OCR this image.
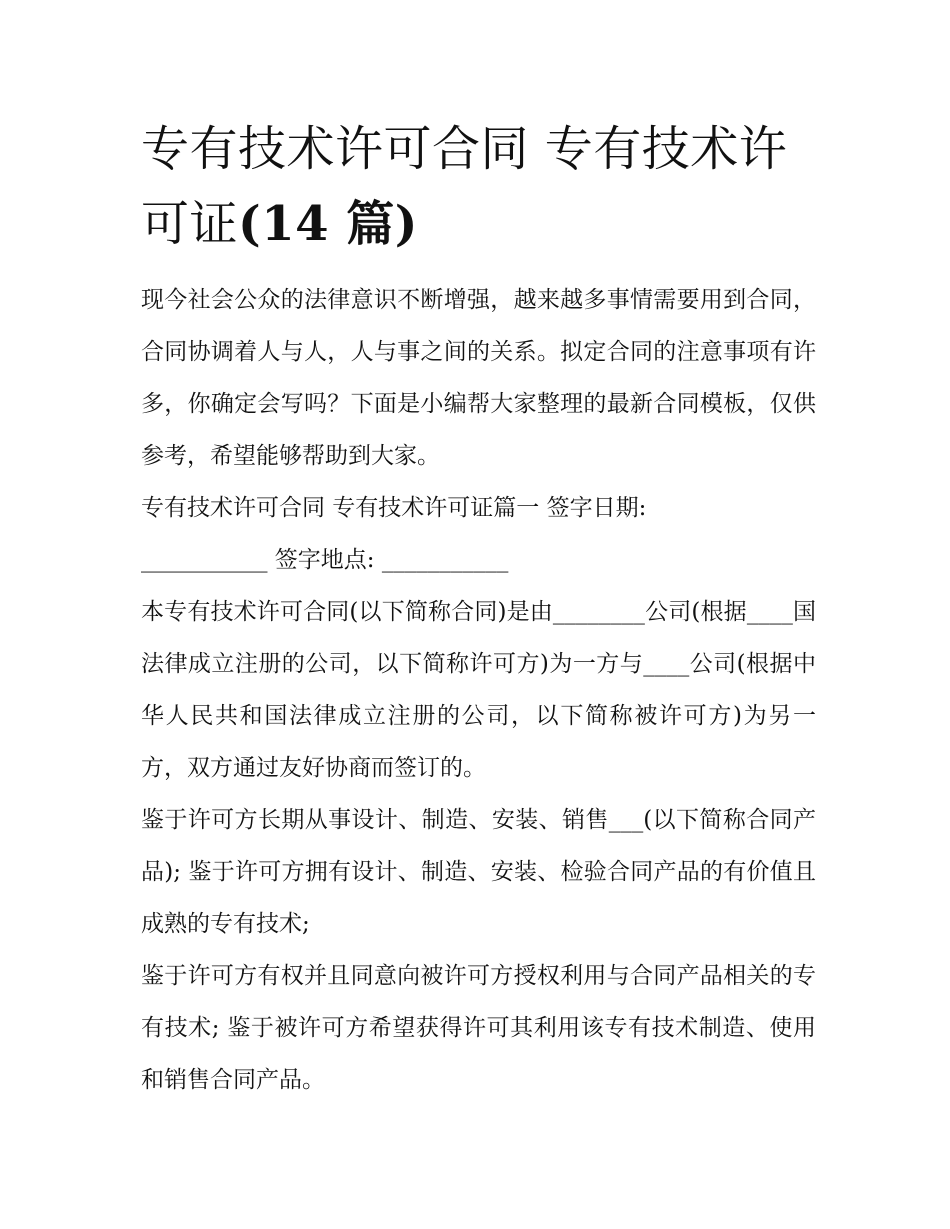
专有技术许可合同 专有技术许可证(14 篇)

现今社会公众的法律意识不断增强，越来越多事情需要用到合同，合同协调着人与人，人与事之间的关系。拟定合同的注意事项有许多，你确定会写吗？下面是小编帮大家整理的最新合同模板，仅供参考，希望能够帮助到大家。

专有技术许可合同 专有技术许可证篇一 签字日期:

___________ 签字地点: ___________

本专有技术许可合同(以下简称合同)是由________公司(根据____国法律成立注册的公司，以下简称许可方)为一方与____公司(根据中华人民共和国法律成立注册的公司，以下简称被许可方)为另一方，双方通过友好协商而签订的。

鉴于许可方长期从事设计、制造、安装、销售___(以下简称合同产品); 鉴于许可方拥有设计、制造、安装、检验合同产品的有价值且成熟的专有技术;

鉴于许可方有权并且同意向被许可方授权利用与合同产品相关的专有技术; 鉴于被许可方希望获得许可其利用该专有技术制造、使用和销售合同产品。
